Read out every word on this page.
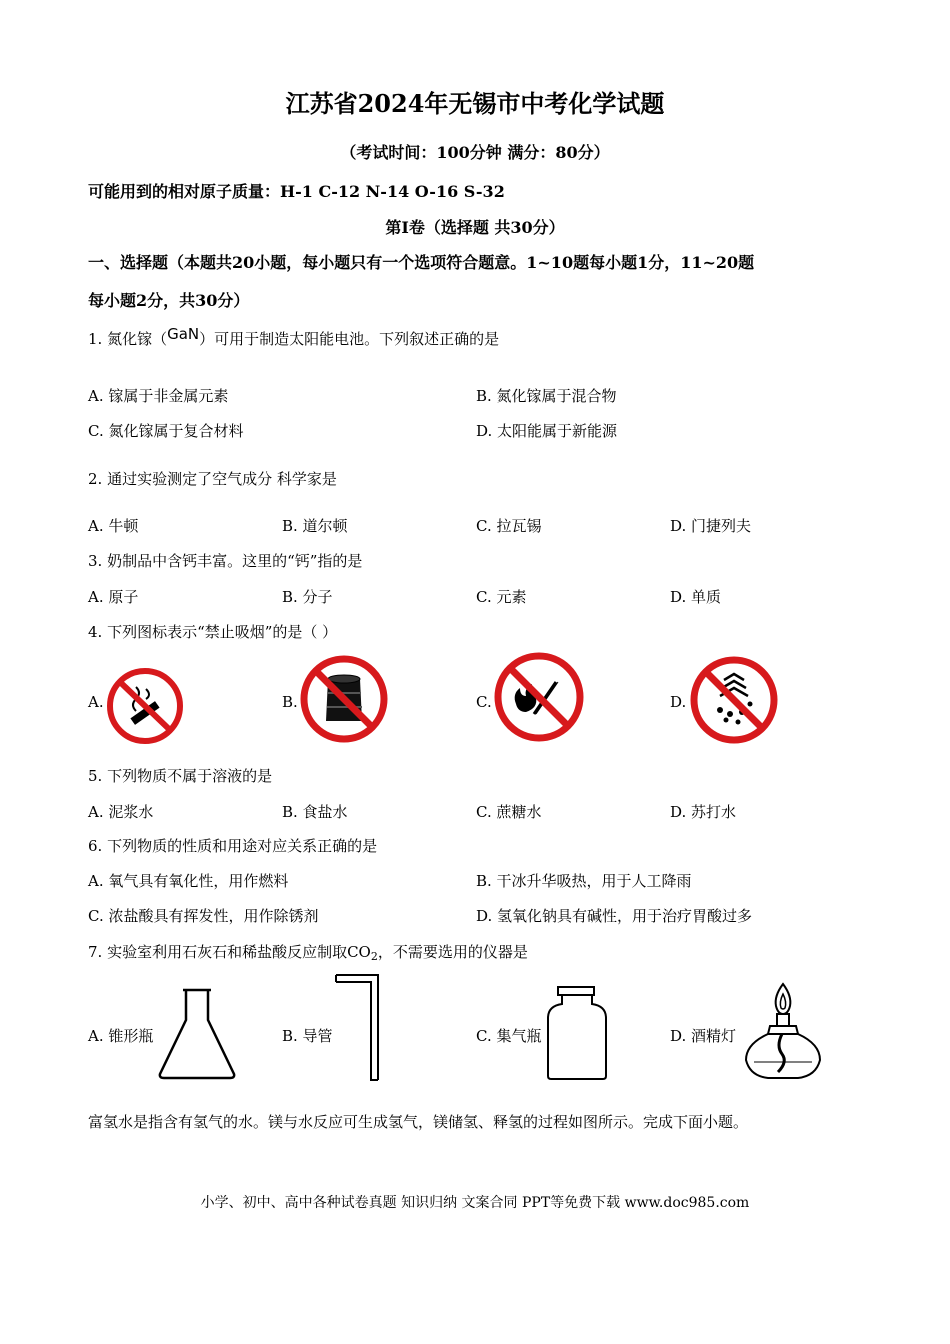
江苏省2024年无锡市中考化学试题
（考试时间：100分钟 满分：80分）
可能用到的相对原子质量：H-1 C-12 N-14 O-16 S-32
第Ⅰ卷（选择题 共30分）
一、选择题（本题共20小题，每小题只有一个选项符合题意。1~10题每小题1分，11~20题
每小题2分，共30分）
1. 氮化镓（GaN）可用于制造太阳能电池。下列叙述正确的是
A. 镓属于非金属元素	B. 氮化镓属于混合物
C. 氮化镓属于复合材料	D. 太阳能属于新能源
2. 通过实验测定了空气成分 科学家是
A. 牛顿	B. 道尔顿	C. 拉瓦锡	D. 门捷列夫
3. 奶制品中含钙丰富。这里的“钙”指的是
A. 原子	B. 分子	C. 元素	D. 单质
4. 下列图标表示“禁止吸烟”的是（ ）
A.	B.	C.	D.
5. 下列物质不属于溶液的是
A. 泥浆水	B. 食盐水	C. 蔗糖水	D. 苏打水
6. 下列物质的性质和用途对应关系正确的是
A. 氧气具有氧化性，用作燃料	B. 干冰升华吸热，用于人工降雨
C. 浓盐酸具有挥发性，用作除锈剂	D. 氢氧化钠具有碱性，用于治疗胃酸过多
7. 实验室利用石灰石和稀盐酸反应制取$CO_2$，不需要选用的仪器是
A. 锥形瓶	B. 导管	C. 集气瓶	D. 酒精灯
富氢水是指含有氢气的水。镁与水反应可生成氢气，镁储氢、释氢的过程如图所示。完成下面小题。
小学、初中、高中各种试卷真题 知识归纳 文案合同 PPT等免费下载 www.doc985.com
